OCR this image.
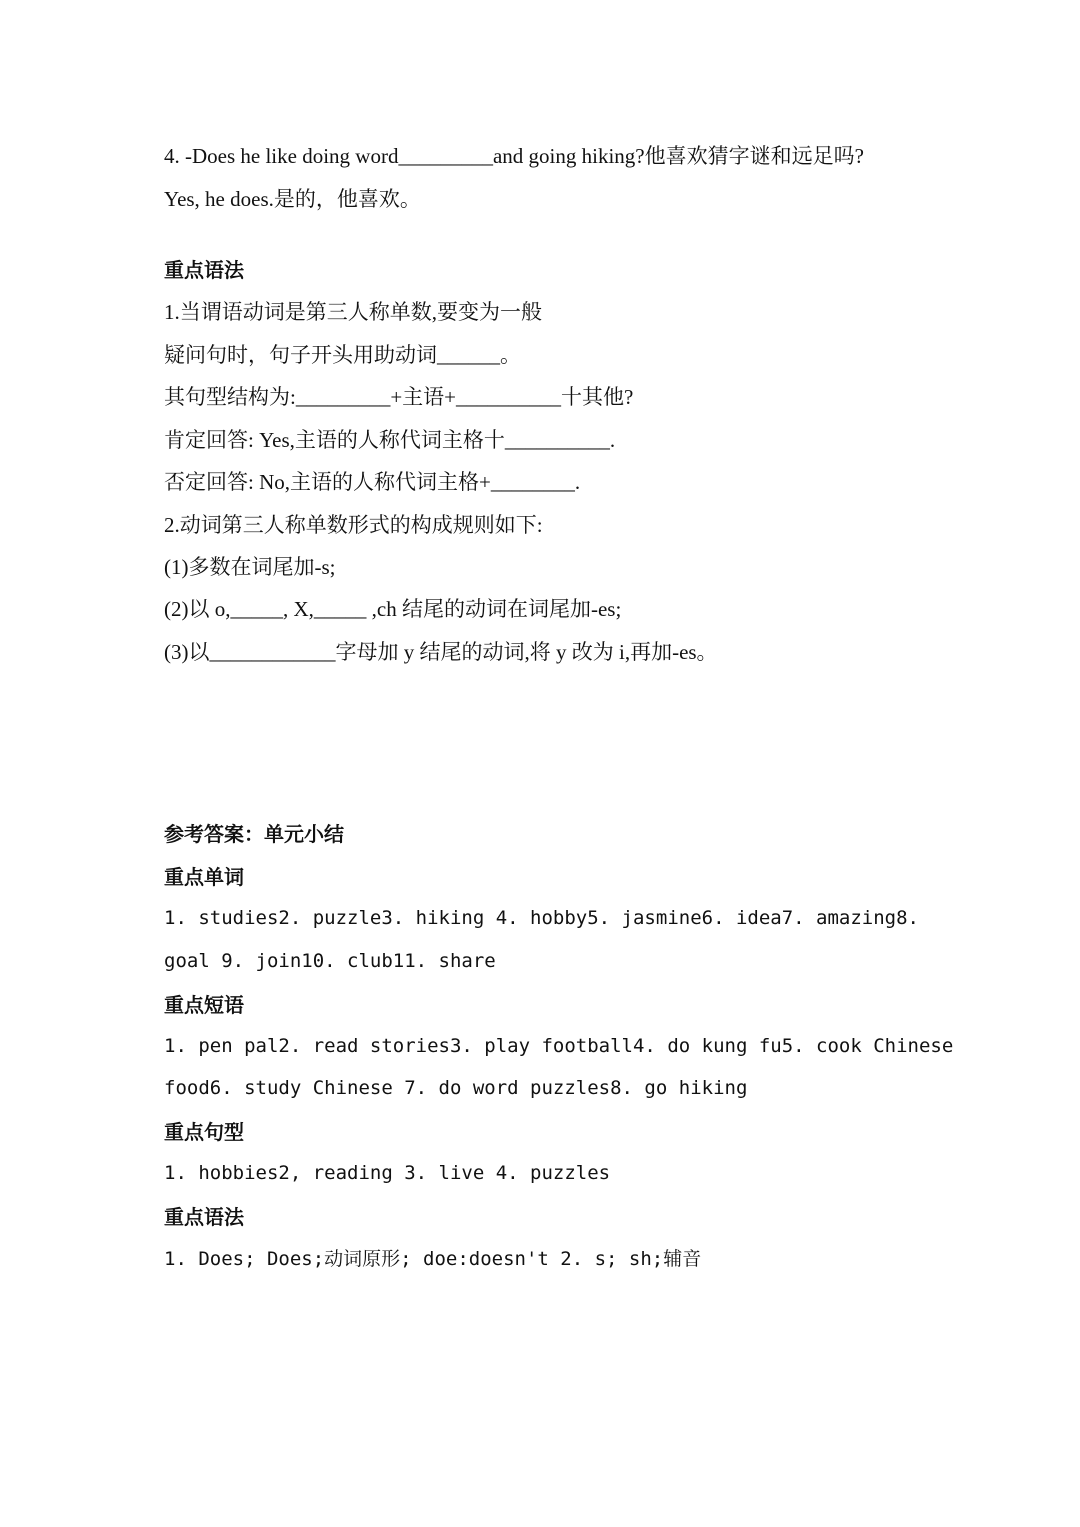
4. -Does he like doing word_________and going hiking?他喜欢猜字谜和远足吗?
Yes, he does.是的，他喜欢。
重点语法
1.当谓语动词是第三人称单数,要变为一般
疑问句时，句子开头用助动词______。
其句型结构为:_________+主语+__________十其他?
肯定回答: Yes,主语的人称代词主格十__________.
否定回答: No,主语的人称代词主格+________.
2.动词第三人称单数形式的构成规则如下:
(1)多数在词尾加-s;
(2)以 o,_____, X,_____ ,ch 结尾的动词在词尾加-es;
(3)以____________字母加 y 结尾的动词,将 y 改为 i,再加-es。
参考答案：单元小结
重点单词
1. studies2. puzzle3. hiking 4. hobby5. jasmine6. idea7. amazing8.
goal 9. join10. club11. share
重点短语
1. pen pal2. read stories3. play football4. do kung fu5. cook Chinese
food6. study Chinese 7. do word puzzles8. go hiking
重点句型
1. hobbies2, reading 3. live 4. puzzles
重点语法
1. Does; Does;动词原形; doe:doesn't 2. s; sh;辅音
